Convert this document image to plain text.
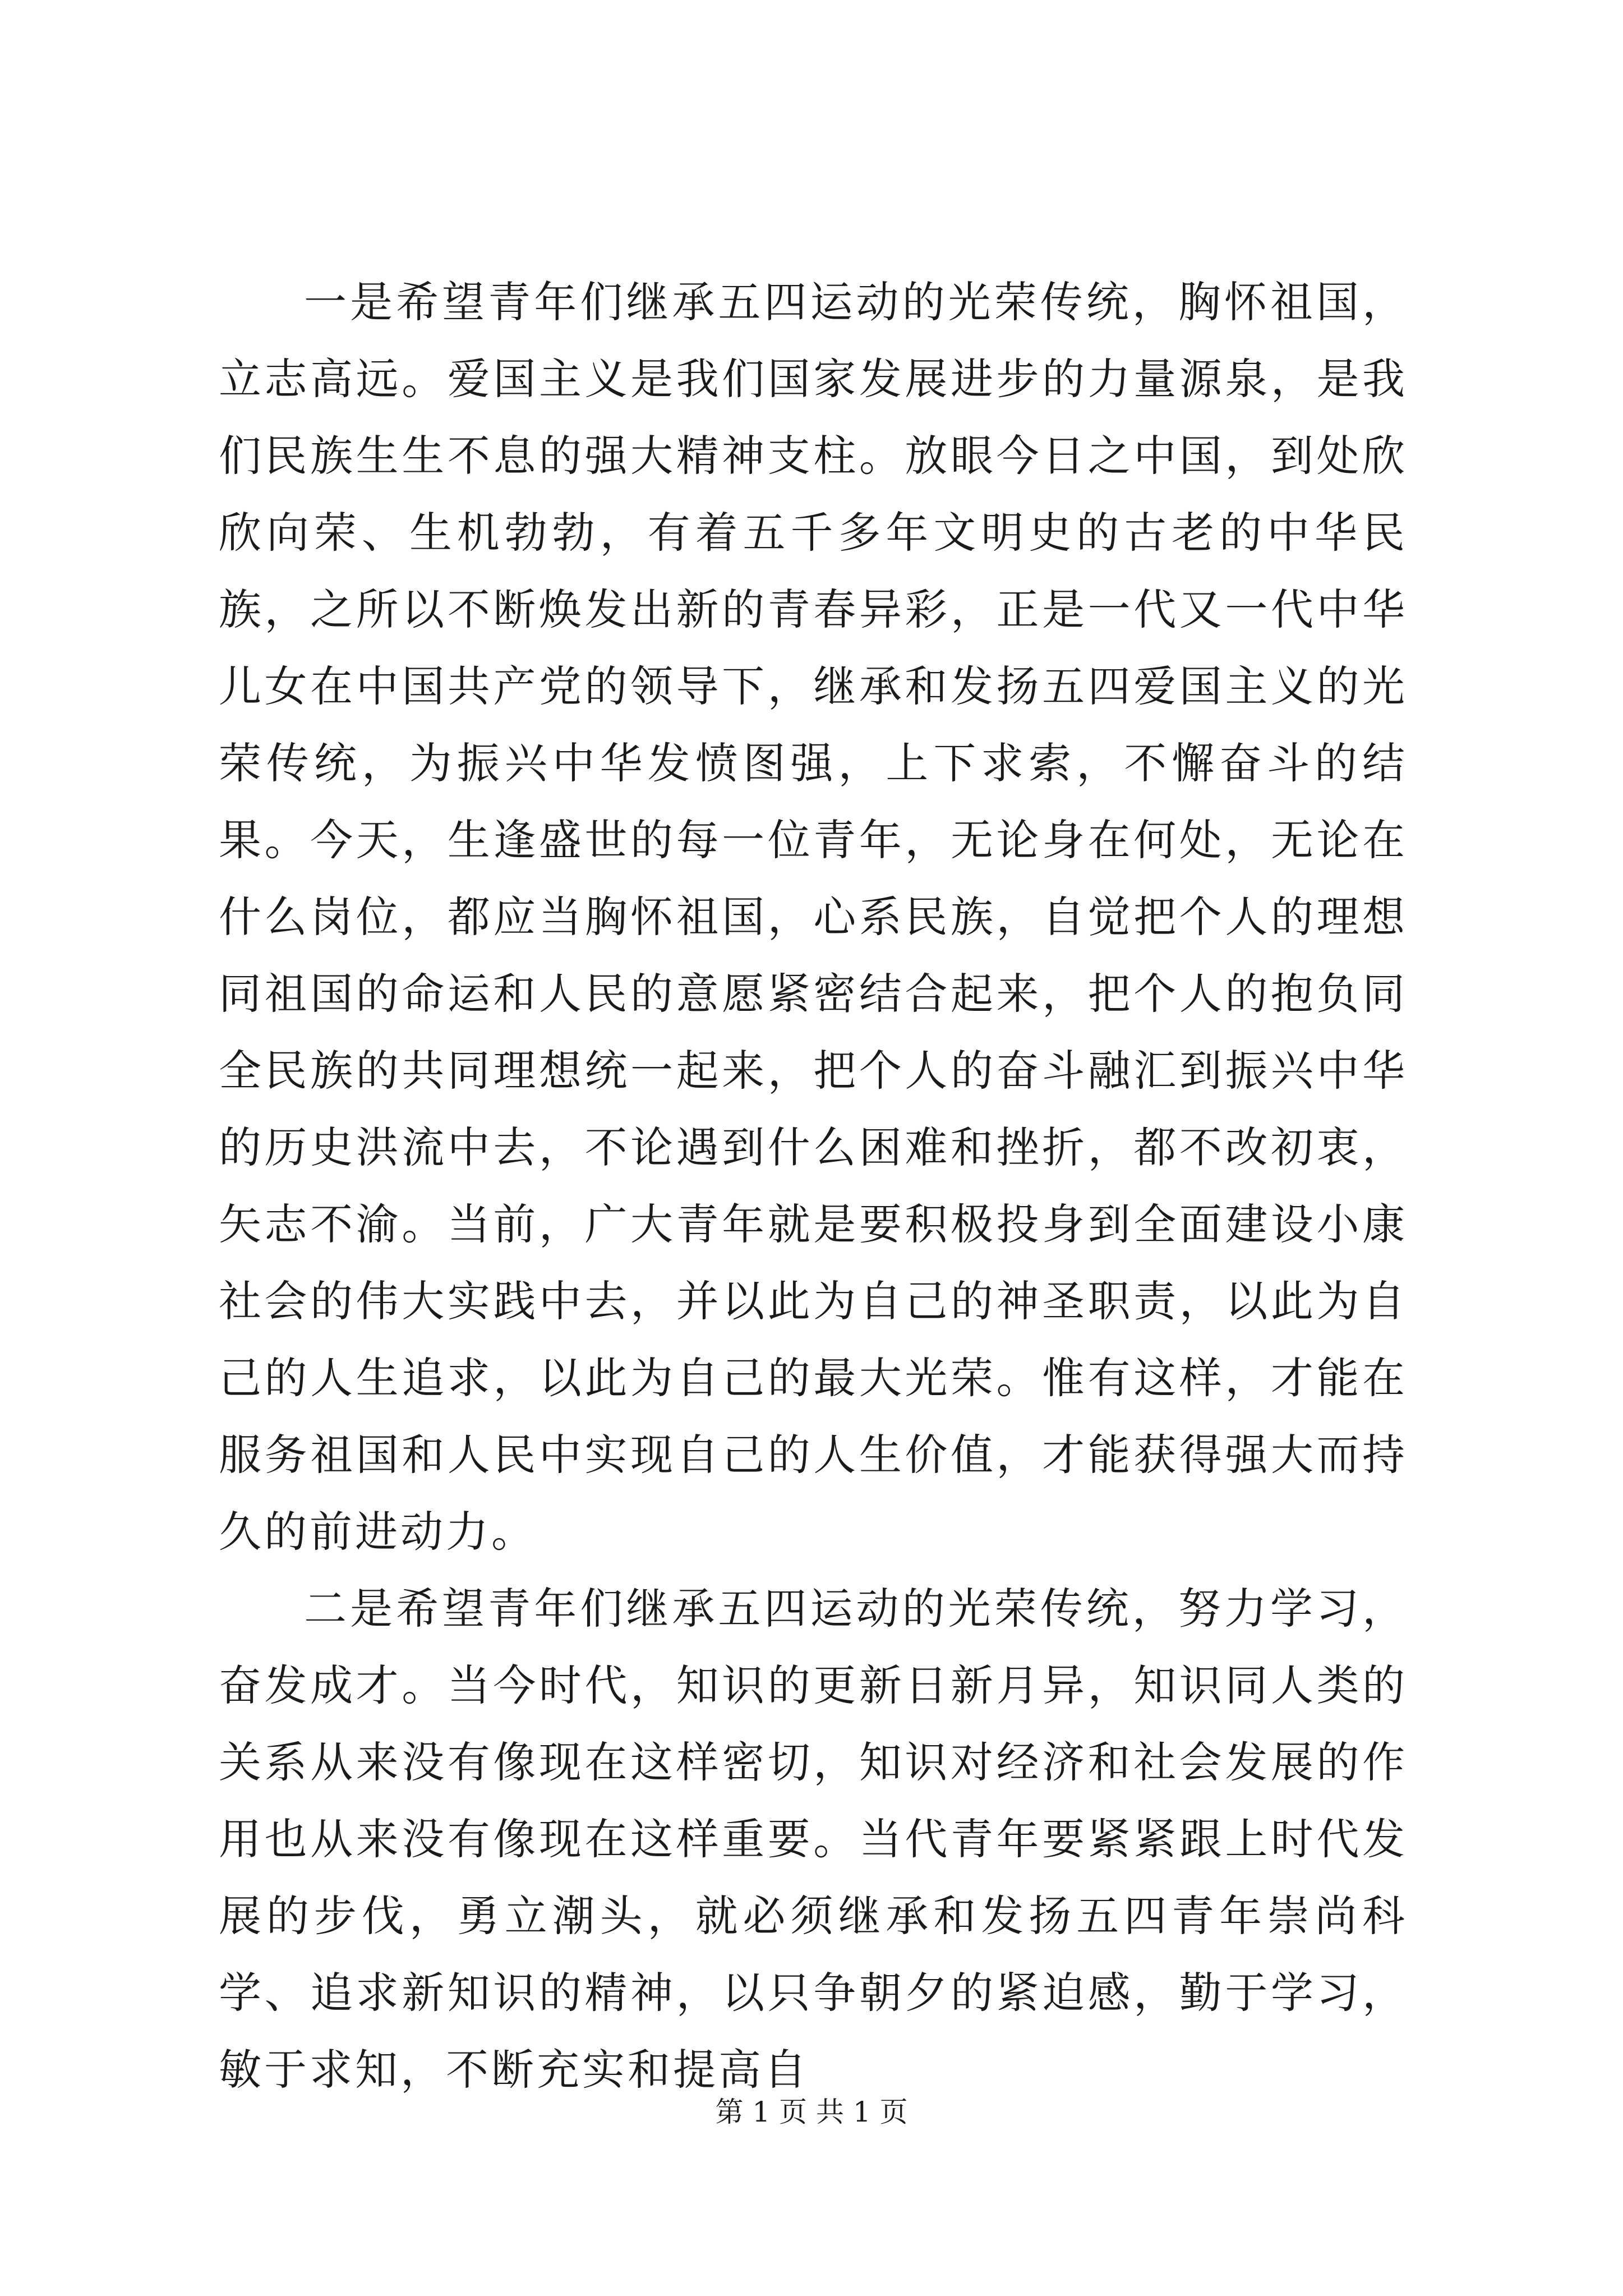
一是希望青年们继承五四运动的光荣传统，胸怀祖国，立志高远。爱国主义是我们国家发展进步的力量源泉，是我们民族生生不息的强大精神支柱。放眼今日之中国，到处欣欣向荣、生机勃勃，有着五千多年文明史的古老的中华民族，之所以不断焕发出新的青春异彩，正是一代又一代中华儿女在中国共产党的领导下，继承和发扬五四爱国主义的光荣传统，为振兴中华发愤图强，上下求索，不懈奋斗的结果。今天，生逢盛世的每一位青年，无论身在何处，无论在什么岗位，都应当胸怀祖国，心系民族，自觉把个人的理想同祖国的命运和人民的意愿紧密结合起来，把个人的抱负同全民族的共同理想统一起来，把个人的奋斗融汇到振兴中华的历史洪流中去，不论遇到什么困难和挫折，都不改初衷，矢志不渝。当前，广大青年就是要积极投身到全面建设小康社会的伟大实践中去，并以此为自己的神圣职责，以此为自己的人生追求，以此为自己的最大光荣。惟有这样，才能在服务祖国和人民中实现自己的人生价值，才能获得强大而持久的前进动力。

二是希望青年们继承五四运动的光荣传统，努力学习，奋发成才。当今时代，知识的更新日新月异，知识同人类的关系从来没有像现在这样密切，知识对经济和社会发展的作用也从来没有像现在这样重要。当代青年要紧紧跟上时代发展的步伐，勇立潮头，就必须继承和发扬五四青年崇尚科学、追求新知识的精神，以只争朝夕的紧迫感，勤于学习，敏于求知，不断充实和提高自

第 1 页 共 1 页
